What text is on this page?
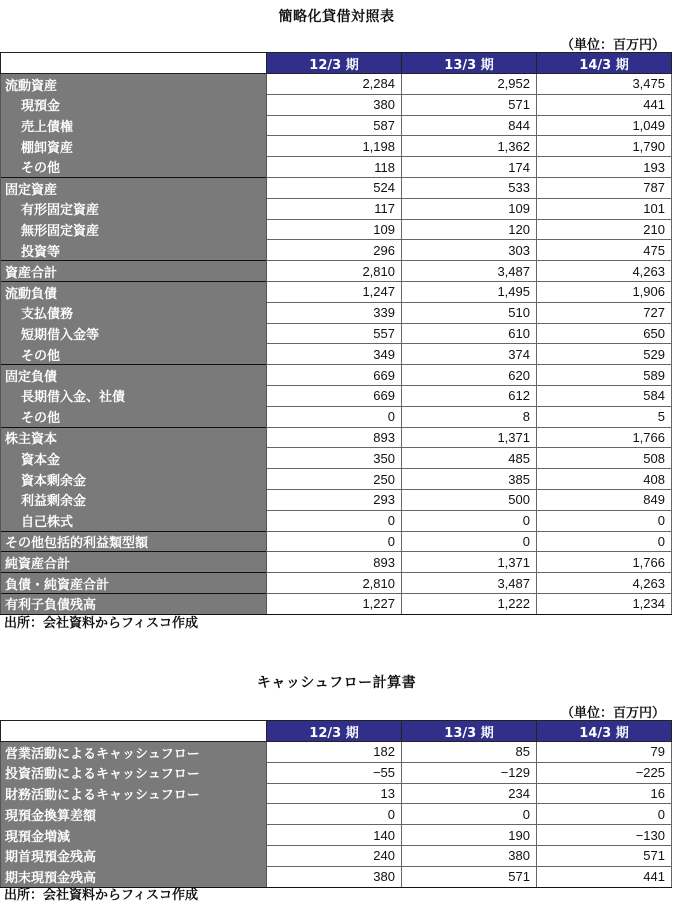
簡略化貸借対照表
（単位：百万円）
	12/3 期	13/3 期	14/3 期
流動資産	2,284	2,952	3,475
現預金	380	571	441
売上債権	587	844	1,049
棚卸資産	1,198	1,362	1,790
その他	118	174	193
固定資産	524	533	787
有形固定資産	117	109	101
無形固定資産	109	120	210
投資等	296	303	475
資産合計	2,810	3,487	4,263
流動負債	1,247	1,495	1,906
支払債務	339	510	727
短期借入金等	557	610	650
その他	349	374	529
固定負債	669	620	589
長期借入金、社債	669	612	584
その他	0	8	5
株主資本	893	1,371	1,766
資本金	350	485	508
資本剰余金	250	385	408
利益剰余金	293	500	849
自己株式	0	0	0
その他包括的利益類型額	0	0	0
純資産合計	893	1,371	1,766
負債・純資産合計	2,810	3,487	4,263
有利子負債残高	1,227	1,222	1,234
出所：会社資料からフィスコ作成
キャッシュフロー計算書
（単位：百万円）
	12/3 期	13/3 期	14/3 期
営業活動によるキャッシュフロー	182	85	79
投資活動によるキャッシュフロー	−55	−129	−225
財務活動によるキャッシュフロー	13	234	16
現預金換算差額	0	0	0
現預金増減	140	190	−130
期首現預金残高	240	380	571
期末現預金残高	380	571	441
出所：会社資料からフィスコ作成
